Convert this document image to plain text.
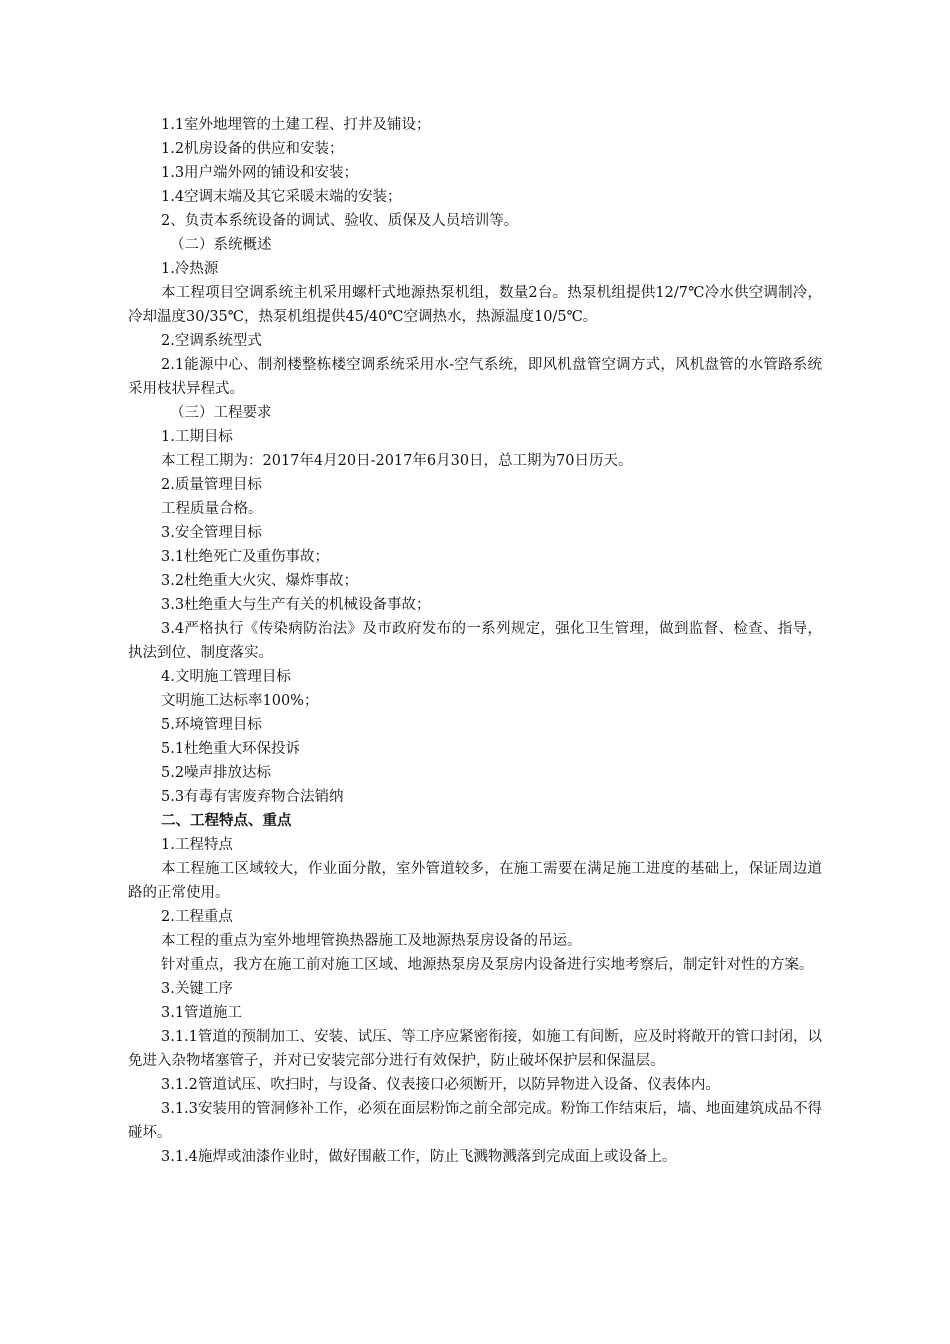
1.1室外地埋管的土建工程、打井及铺设；

1.2机房设备的供应和安装；

1.3用户端外网的铺设和安装；

1.4空调末端及其它采暖末端的安装；

2、负责本系统设备的调试、验收、质保及人员培训等。

（二）系统概述

1.冷热源

本工程项目空调系统主机采用螺杆式地源热泵机组，数量2台。热泵机组提供12/7℃冷水供空调制冷，冷却温度30/35℃，热泵机组提供45/40℃空调热水，热源温度10/5℃。

2.空调系统型式

2.1能源中心、制剂楼整栋楼空调系统采用水-空气系统，即风机盘管空调方式，风机盘管的水管路系统采用枝状异程式。

（三）工程要求

1.工期目标

本工程工期为：2017年4月20日-2017年6月30日，总工期为70日历天。

2.质量管理目标

工程质量合格。

3.安全管理目标

3.1杜绝死亡及重伤事故；

3.2杜绝重大火灾、爆炸事故；

3.3杜绝重大与生产有关的机械设备事故；

3.4严格执行《传染病防治法》及市政府发布的一系列规定，强化卫生管理，做到监督、检查、指导，执法到位、制度落实。

4.文明施工管理目标

文明施工达标率100%；

5.环境管理目标

5.1杜绝重大环保投诉

5.2噪声排放达标

5.3有毒有害废弃物合法销纳

二、工程特点、重点

1.工程特点

本工程施工区域较大，作业面分散，室外管道较多，在施工需要在满足施工进度的基础上，保证周边道路的正常使用。

2.工程重点

本工程的重点为室外地埋管换热器施工及地源热泵房设备的吊运。

针对重点，我方在施工前对施工区域、地源热泵房及泵房内设备进行实地考察后，制定针对性的方案。

3.关键工序

3.1管道施工

3.1.1管道的预制加工、安装、试压、等工序应紧密衔接，如施工有间断，应及时将敞开的管口封闭，以免进入杂物堵塞管子，并对已安装完部分进行有效保护，防止破坏保护层和保温层。

3.1.2管道试压、吹扫时，与设备、仪表接口必须断开，以防异物进入设备、仪表体内。

3.1.3安装用的管洞修补工作，必须在面层粉饰之前全部完成。粉饰工作结束后，墙、地面建筑成品不得碰坏。

3.1.4施焊或油漆作业时，做好围蔽工作，防止飞溅物溅落到完成面上或设备上。
